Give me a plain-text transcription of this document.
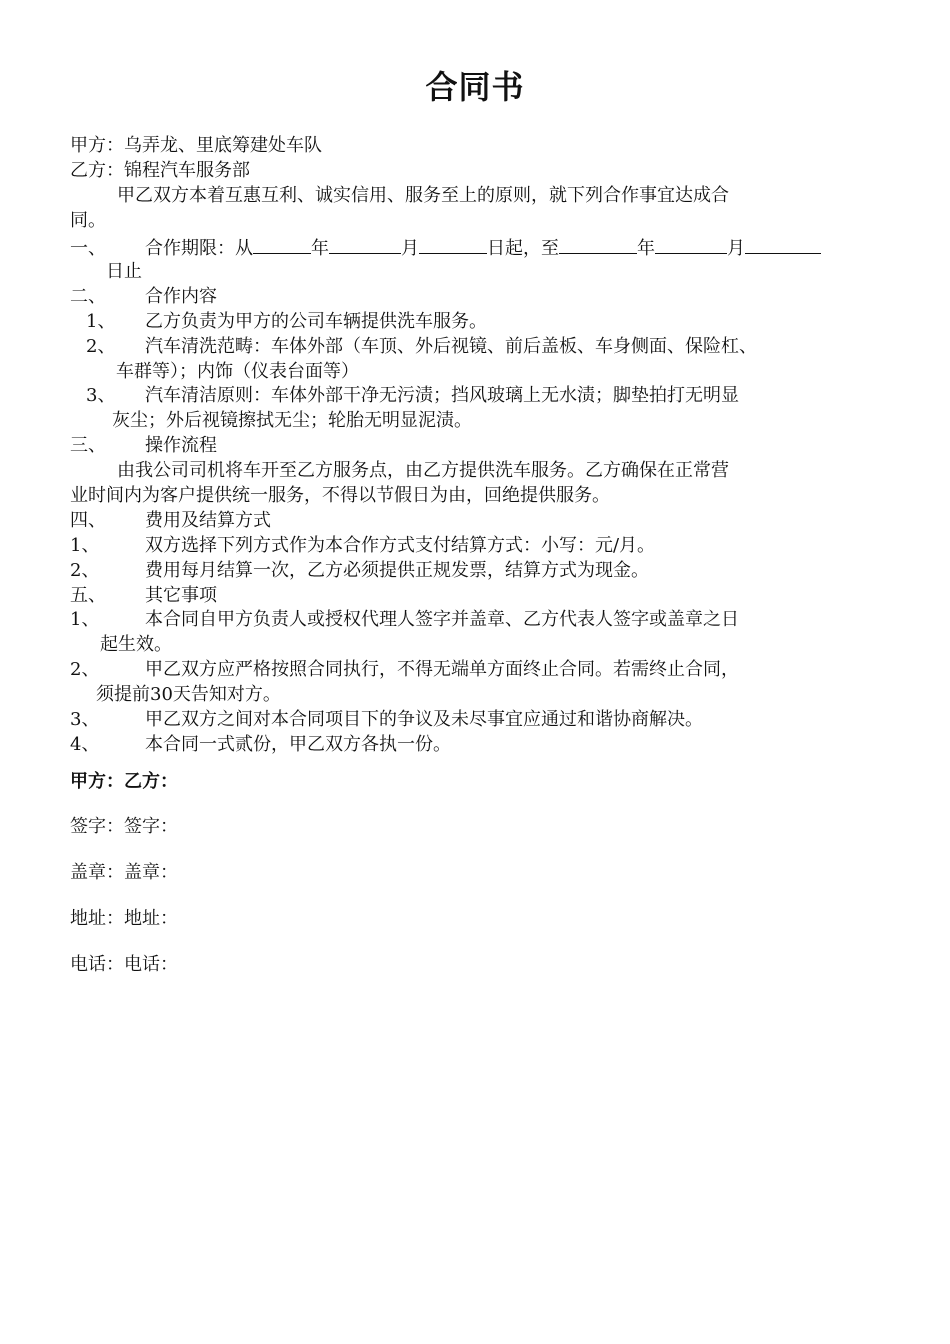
合同书
甲方：乌弄龙、里底筹建处车队
乙方：锦程汽车服务部
甲乙双方本着互惠互利、诚实信用、服务至上的原则，就下列合作事宜达成合
同。
一、 合作期限：从	年	月	日起，至	年	月
日止
二、 合作内容
1、 乙方负责为甲方的公司车辆提供洗车服务。
2、 汽车清洗范畴：车体外部（车顶、外后视镜、前后盖板、车身侧面、保险杠、
车群等）；内饰（仪表台面等）
3、 汽车清洁原则：车体外部干净无污渍；挡风玻璃上无水渍；脚垫拍打无明显
灰尘；外后视镜擦拭无尘；轮胎无明显泥渍。
三、 操作流程
由我公司司机将车开至乙方服务点，由乙方提供洗车服务。乙方确保在正常营
业时间内为客户提供统一服务，不得以节假日为由，回绝提供服务。
四、 费用及结算方式
1、	双方选择下列方式作为本合作方式支付结算方式：小写：元/月。
2、	费用每月结算一次，乙方必须提供正规发票，结算方式为现金。
五、 其它事项
1、	本合同自甲方负责人或授权代理人签字并盖章、乙方代表人签字或盖章之日
起生效。
2、	甲乙双方应严格按照合同执行，不得无端单方面终止合同。若需终止合同，
须提前30天告知对方。
3、	甲乙双方之间对本合同项目下的争议及未尽事宜应通过和谐协商解决。
4、	本合同一式贰份，甲乙双方各执一份。
甲方：乙方：
签字：签字：
盖章：盖章：
地址：地址：
电话：电话：
